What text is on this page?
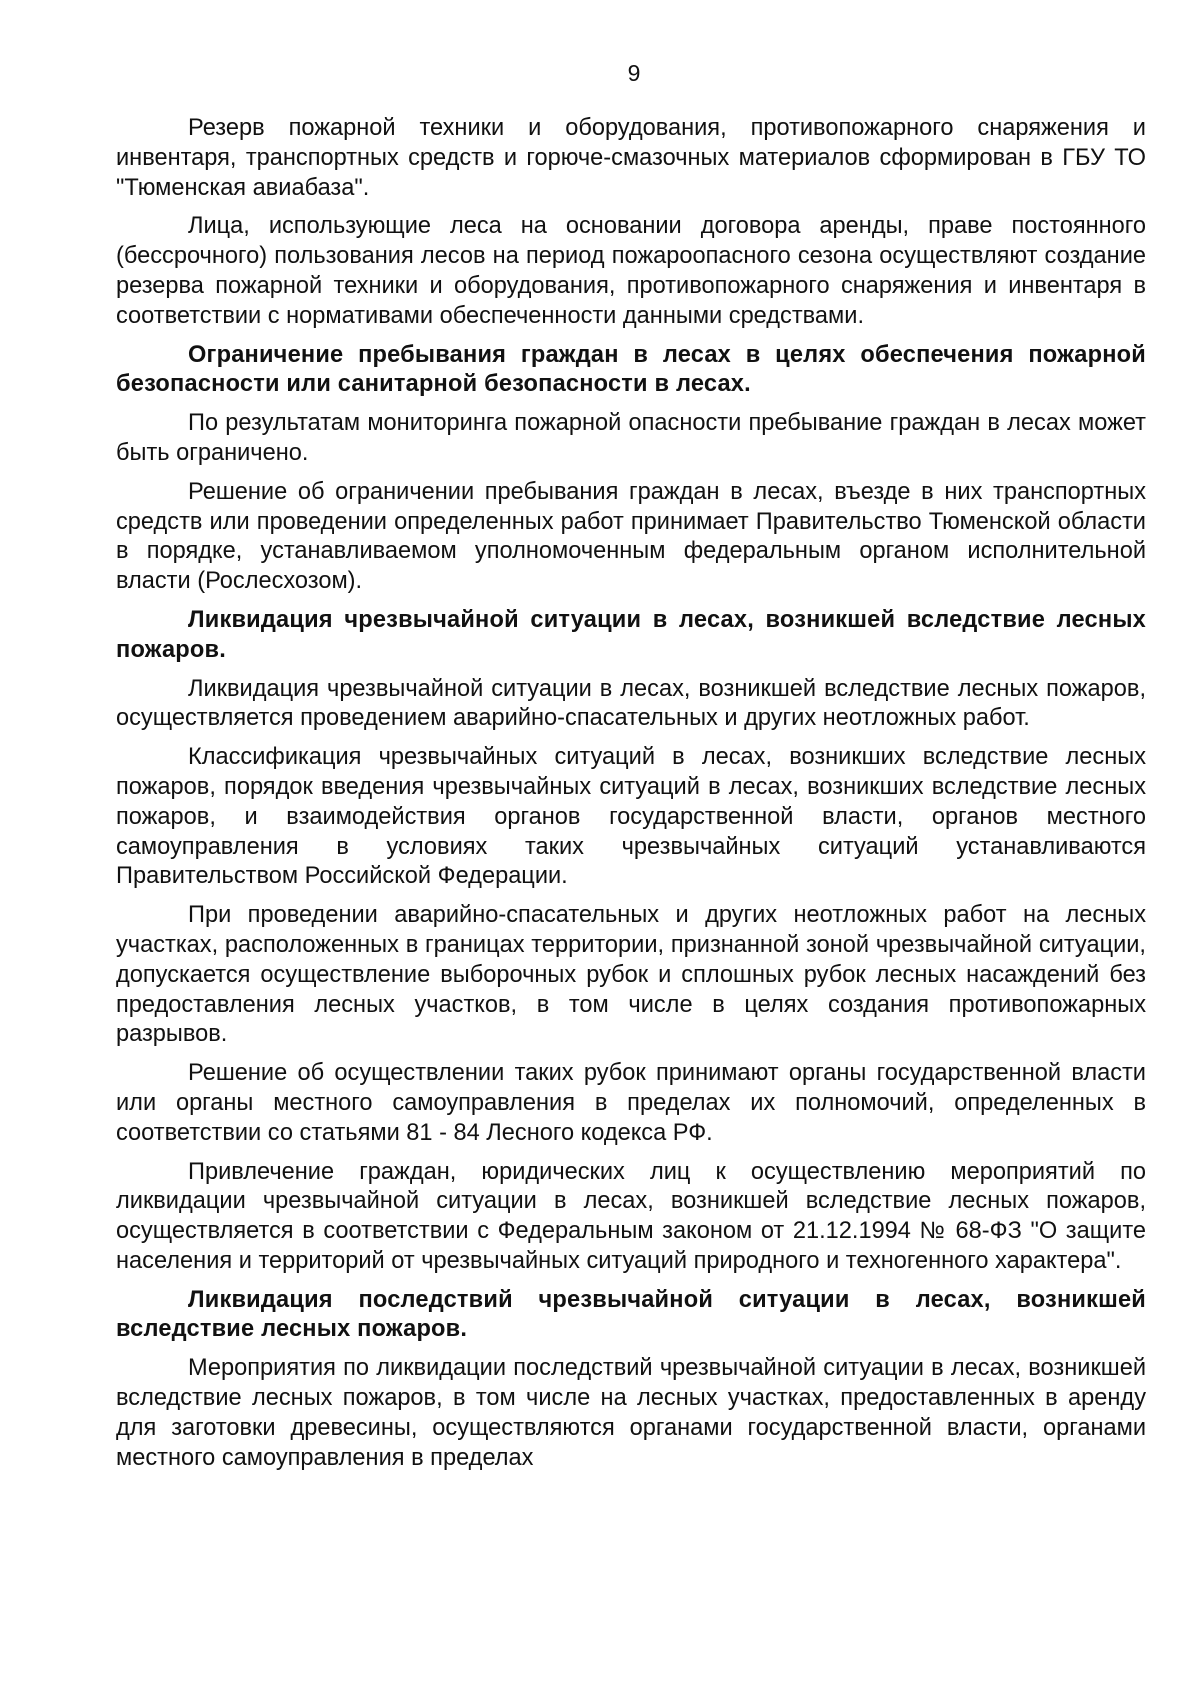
9

Резерв пожарной техники и оборудования, противопожарного снаряжения и инвентаря, транспортных средств и горюче-смазочных материалов сформирован в ГБУ ТО "Тюменская авиабаза".

Лица, использующие леса на основании договора аренды, праве постоянного (бессрочного) пользования лесов на период пожароопасного сезона осуществляют создание резерва пожарной техники и оборудования, противопожарного снаряжения и инвентаря в соответствии с нормативами обеспеченности данными средствами.

Ограничение пребывания граждан в лесах в целях обеспечения пожарной безопасности или санитарной безопасности в лесах.

По результатам мониторинга пожарной опасности пребывание граждан в лесах может быть ограничено.

Решение об ограничении пребывания граждан в лесах, въезде в них транспортных средств или проведении определенных работ принимает Правительство Тюменской области в порядке, устанавливаемом уполномоченным федеральным органом исполнительной власти (Рослесхозом).

Ликвидация чрезвычайной ситуации в лесах, возникшей вследствие лесных пожаров.

Ликвидация чрезвычайной ситуации в лесах, возникшей вследствие лесных пожаров, осуществляется проведением аварийно-спасательных и других неотложных работ.

Классификация чрезвычайных ситуаций в лесах, возникших вследствие лесных пожаров, порядок введения чрезвычайных ситуаций в лесах, возникших вследствие лесных пожаров, и взаимодействия органов государственной власти, органов местного самоуправления в условиях таких чрезвычайных ситуаций устанавливаются Правительством Российской Федерации.

При проведении аварийно-спасательных и других неотложных работ на лесных участках, расположенных в границах территории, признанной зоной чрезвычайной ситуации, допускается осуществление выборочных рубок и сплошных рубок лесных насаждений без предоставления лесных участков, в том числе в целях создания противопожарных разрывов.

Решение об осуществлении таких рубок принимают органы государственной власти или органы местного самоуправления в пределах их полномочий, определенных в соответствии со статьями 81 - 84 Лесного кодекса РФ.

Привлечение граждан, юридических лиц к осуществлению мероприятий по ликвидации чрезвычайной ситуации в лесах, возникшей вследствие лесных пожаров, осуществляется в соответствии с Федеральным законом от 21.12.1994 № 68-ФЗ "О защите населения и территорий от чрезвычайных ситуаций природного и техногенного характера".

Ликвидация последствий чрезвычайной ситуации в лесах, возникшей вследствие лесных пожаров.

Мероприятия по ликвидации последствий чрезвычайной ситуации в лесах, возникшей вследствие лесных пожаров, в том числе на лесных участках, предоставленных в аренду для заготовки древесины, осуществляются органами государственной власти, органами местного самоуправления в пределах
